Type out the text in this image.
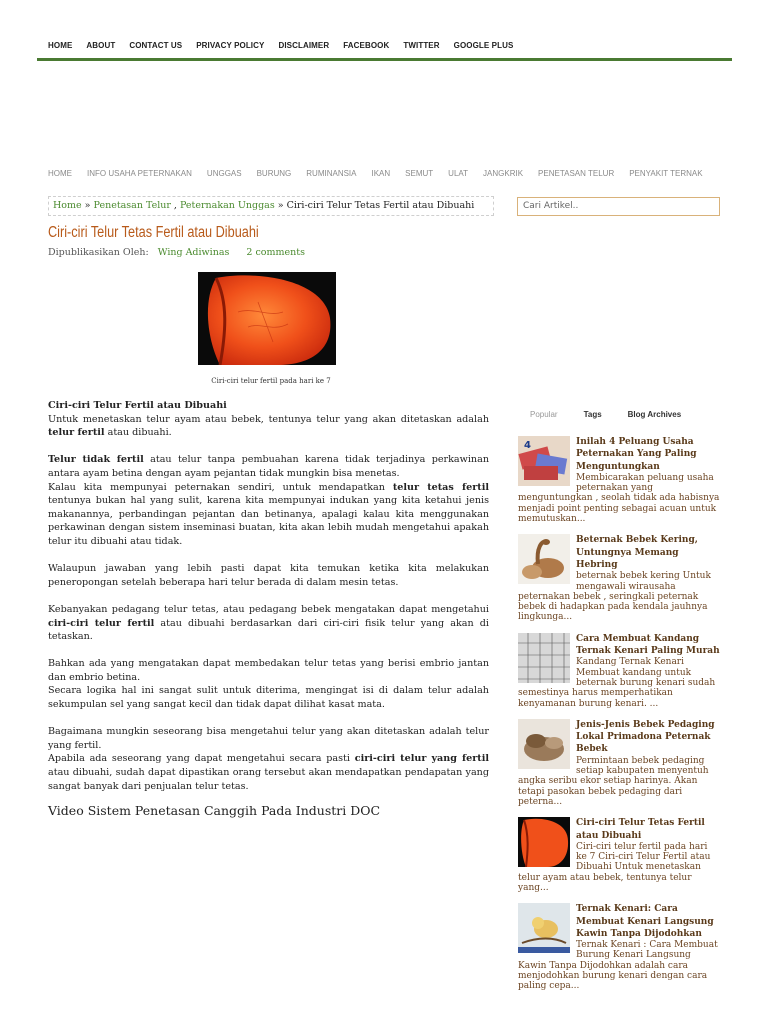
HOME ABOUT CONTACT US PRIVACY POLICY DISCLAIMER FACEBOOK TWITTER GOOGLE PLUS
HOME INFO USAHA PETERNAKAN UNGGAS BURUNG RUMINANSIA IKAN SEMUT ULAT JANGKRIK PENETASAN TELUR PENYAKIT TERNAK
Home » Penetasan Telur , Peternakan Unggas » Ciri-ciri Telur Tetas Fertil atau Dibuahi	Cari Artikel..
Ciri-ciri Telur Tetas Fertil atau Dibuahi
Dipublikasikan Oleh: Wing Adiwinas 2 comments
Ciri-ciri telur fertil pada hari ke 7

Ciri-ciri Telur Fertil atau Dibuahi

Untuk menetaskan telur ayam atau bebek, tentunya telur yang akan ditetaskan adalah telur fertil atau dibuahi.

Telur tidak fertil atau telur tanpa pembuahan karena tidak terjadinya perkawinan antara ayam betina dengan ayam pejantan tidak mungkin bisa menetas.

Kalau kita mempunyai peternakan sendiri, untuk mendapatkan telur tetas fertil tentunya bukan hal yang sulit, karena kita mempunyai indukan yang kita ketahui jenis makanannya, perbandingan pejantan dan betinanya, apalagi kalau kita menggunakan perkawinan dengan sistem inseminasi buatan, kita akan lebih mudah mengetahui apakah telur itu dibuahi atau tidak.

Walaupun jawaban yang lebih pasti dapat kita temukan ketika kita melakukan peneropongan setelah beberapa hari telur berada di dalam mesin tetas.

Kebanyakan pedagang telur tetas, atau pedagang bebek mengatakan dapat mengetahui ciri-ciri telur fertil atau dibuahi berdasarkan dari ciri-ciri fisik telur yang akan di tetaskan.

Bahkan ada yang mengatakan dapat membedakan telur tetas yang berisi embrio jantan dan embrio betina.

Secara logika hal ini sangat sulit untuk diterima, mengingat isi di dalam telur adalah sekumpulan sel yang sangat kecil dan tidak dapat dilihat kasat mata.

Bagaimana mungkin seseorang bisa mengetahui telur yang akan ditetaskan adalah telur yang fertil.

Apabila ada seseorang yang dapat mengetahui secara pasti ciri-ciri telur yang fertil atau dibuahi, sudah dapat dipastikan orang tersebut akan mendapatkan pendapatan yang sangat banyak dari penjualan telur tetas.

Video Sistem Penetasan Canggih Pada Industri DOC
Popular	Tags	Blog Archives
4	Inilah 4 Peluang Usaha Peternakan Yang Paling Menguntungkan
Membicarakan peluang usaha peternakan yang menguntungkan , seolah tidak ada habisnya menjadi point penting sebagai acuan untuk memutuskan...
Beternak Bebek Kering, Untungnya Memang Hebring
beternak bebek kering Untuk mengawali wirausaha peternakan bebek , seringkali peternak bebek di hadapkan pada kendala jauhnya lingkunga...
Cara Membuat Kandang Ternak Kenari Paling Murah
Kandang Ternak Kenari Membuat kandang untuk beternak burung kenari sudah semestinya harus memperhatikan kenyamanan burung kenari. ...
Jenis-Jenis Bebek Pedaging Lokal Primadona Peternak Bebek
Permintaan bebek pedaging setiap kabupaten menyentuh angka seribu ekor setiap harinya. Akan tetapi pasokan bebek pedaging dari peterna...
Ciri-ciri Telur Tetas Fertil atau Dibuahi
Ciri-ciri telur fertil pada hari ke 7 Ciri-ciri Telur Fertil atau Dibuahi Untuk menetaskan telur ayam atau bebek, tentunya telur yang...
Ternak Kenari: Cara Membuat Kenari Langsung Kawin Tanpa Dijodohkan
Ternak Kenari : Cara Membuat Burung Kenari Langsung Kawin Tanpa Dijodohkan adalah cara menjodohkan burung kenari dengan cara paling cepa...
